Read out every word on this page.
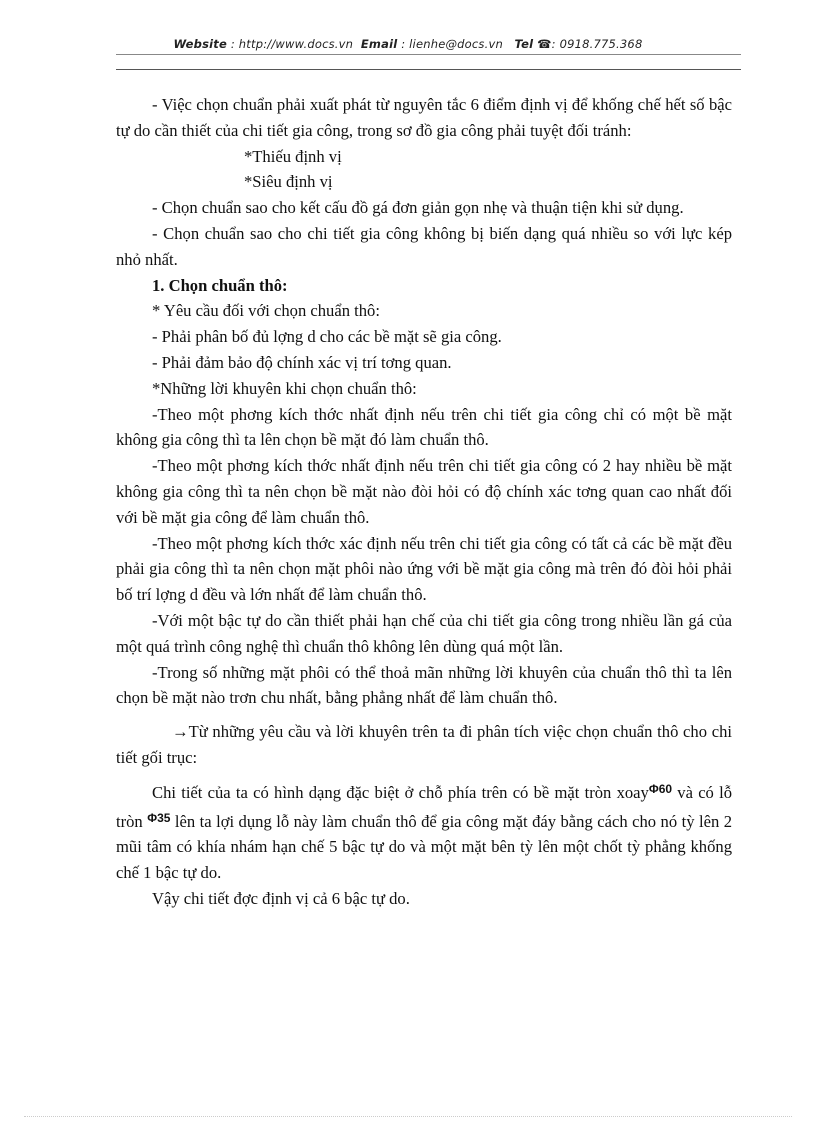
Website : http://www.docs.vn Email : lienhe@docs.vn Tel ☎: 0918.775.368

- Việc chọn chuẩn phải xuất phát từ nguyên tắc 6 điểm định vị để khống chế hết số bậc tự do cần thiết của chi tiết gia công, trong sơ đồ gia công phải tuyệt đối tránh:

*Thiếu định vị

*Siêu định vị

- Chọn chuẩn sao cho kết cấu đồ gá đơn giản gọn nhẹ và thuận tiện khi sử dụng.

- Chọn chuẩn sao cho chi tiết gia công không bị biến dạng quá nhiều so với lực kép nhỏ nhất.

1. Chọn chuẩn thô:

* Yêu cầu đối với chọn chuẩn thô:

- Phải phân bố đủ lợng d cho các bề mặt sẽ gia công.

- Phải đảm bảo độ chính xác vị trí tơng quan.

*Những lời khuyên khi chọn chuẩn thô:

-Theo một phơng kích thớc nhất định nếu trên chi tiết gia công chỉ có một bề mặt không gia công thì ta lên chọn bề mặt đó làm chuẩn thô.

-Theo một phơng kích thớc nhất định nếu trên chi tiết gia công có 2 hay nhiều bề mặt không gia công thì ta nên chọn bề mặt nào đòi hỏi có độ chính xác tơng quan cao nhất đối với bề mặt gia công để làm chuẩn thô.

-Theo một phơng kích thớc xác định nếu trên chi tiết gia công có tất cả các bề mặt đều phải gia công thì ta nên chọn mặt phôi nào ứng với bề mặt gia công mà trên đó đòi hỏi phải bố trí lợng d đều và lớn nhất để làm chuẩn thô.

-Với một bậc tự do cần thiết phải hạn chế của chi tiết gia công trong nhiều lần gá của một quá trình công nghệ thì chuẩn thô không lên dùng quá một lần.

-Trong số những mặt phôi có thể thoả mãn những lời khuyên của chuẩn thô thì ta lên chọn bề mặt nào trơn chu nhất, bằng phẳng nhất để làm chuẩn thô.

→Từ những yêu cầu và lời khuyên trên ta đi phân tích việc chọn chuẩn thô cho chi tiết gối trục:

Chi tiết của ta có hình dạng đặc biệt ở chỗ phía trên có bề mặt tròn xoay$^{\Phi 60}$ và có lỗ tròn $^{\Phi 35}$ lên ta lợi dụng lỗ này làm chuẩn thô để gia công mặt đáy bằng cách cho nó tỳ lên 2 mũi tâm có khía nhám hạn chế 5 bậc tự do và một mặt bên tỳ lên một chốt tỳ phẳng khống chế 1 bậc tự do.

Vậy chi tiết đợc định vị cả 6 bậc tự do.
